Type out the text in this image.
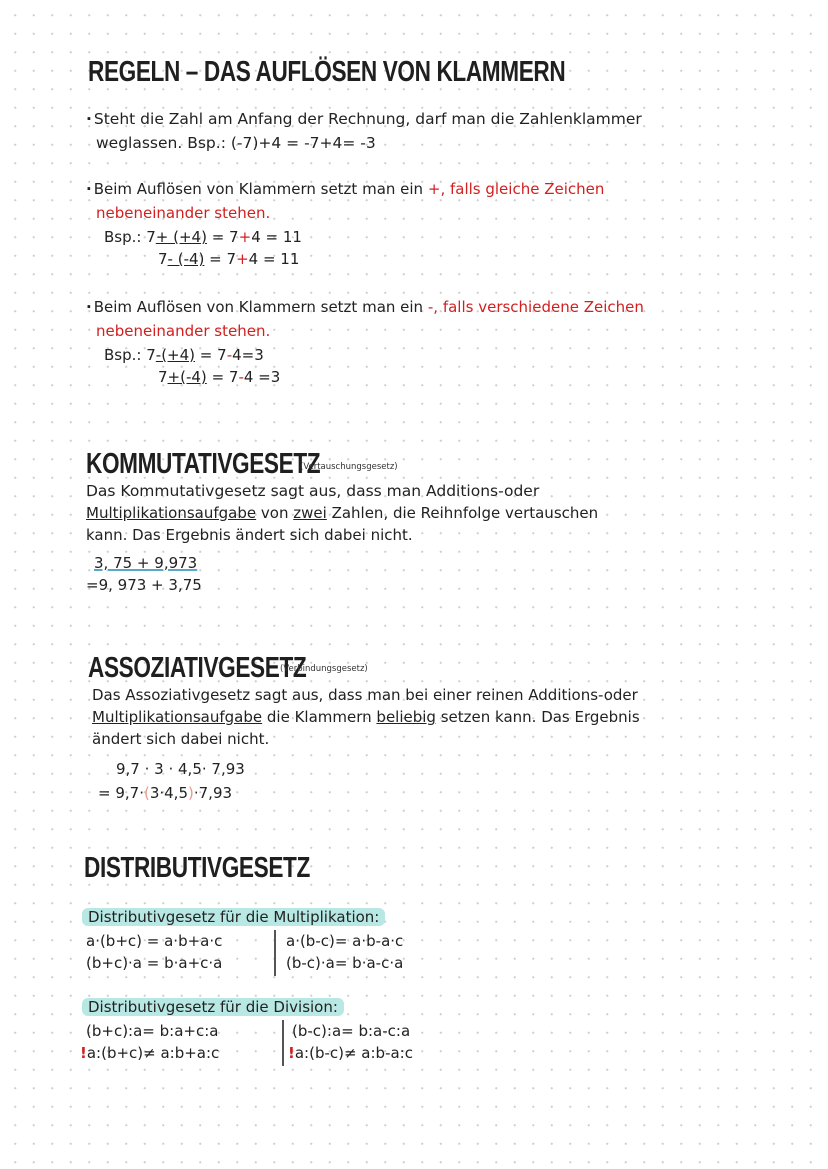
REGELN – DAS AUFLÖSEN VON KLAMMERN
· Steht die Zahl am Anfang der Rechnung, darf man die Zahlenklammer
weglassen. Bsp.: (-7)+4 = -7+4= -3
· Beim Auflösen von Klammern setzt man ein +, falls gleiche Zeichen
nebeneinander stehen.
Bsp.: 7+ (+4) = 7+4 = 11
7- (-4) = 7+4 = 11
· Beim Auflösen von Klammern setzt man ein -, falls verschiedene Zeichen
nebeneinander stehen.
Bsp.: 7-(+4) = 7-4=3
7+(-4) = 7-4 =3
KOMMUTATIVGESETZ
(Vertauschungsgesetz)
Das Kommutativgesetz sagt aus, dass man Additions-oder
Multiplikationsaufgabe von zwei Zahlen, die Reihnfolge vertauschen
kann. Das Ergebnis ändert sich dabei nicht.
3, 75 + 9,973
=9, 973 + 3,75
ASSOZIATIVGESETZ
(Verbindungsgesetz)
Das Assoziativgesetz sagt aus, dass man bei einer reinen Additions-oder
Multiplikationsaufgabe die Klammern beliebig setzen kann. Das Ergebnis
ändert sich dabei nicht.
9,7 · 3 · 4,5· 7,93
= 9,7·(3·4,5)·7,93
DISTRIBUTIVGESETZ
Distributivgesetz für die Multiplikation:
a·(b+c) = a·b+a·c
(b+c)·a = b·a+c·a
a·(b-c)= a·b-a·c
(b-c)·a= b·a-c·a
Distributivgesetz für die Division:
(b+c):a= b:a+c:a
!a:(b+c)≠ a:b+a:c
(b-c):a= b:a-c:a
!a:(b-c)≠ a:b-a:c
